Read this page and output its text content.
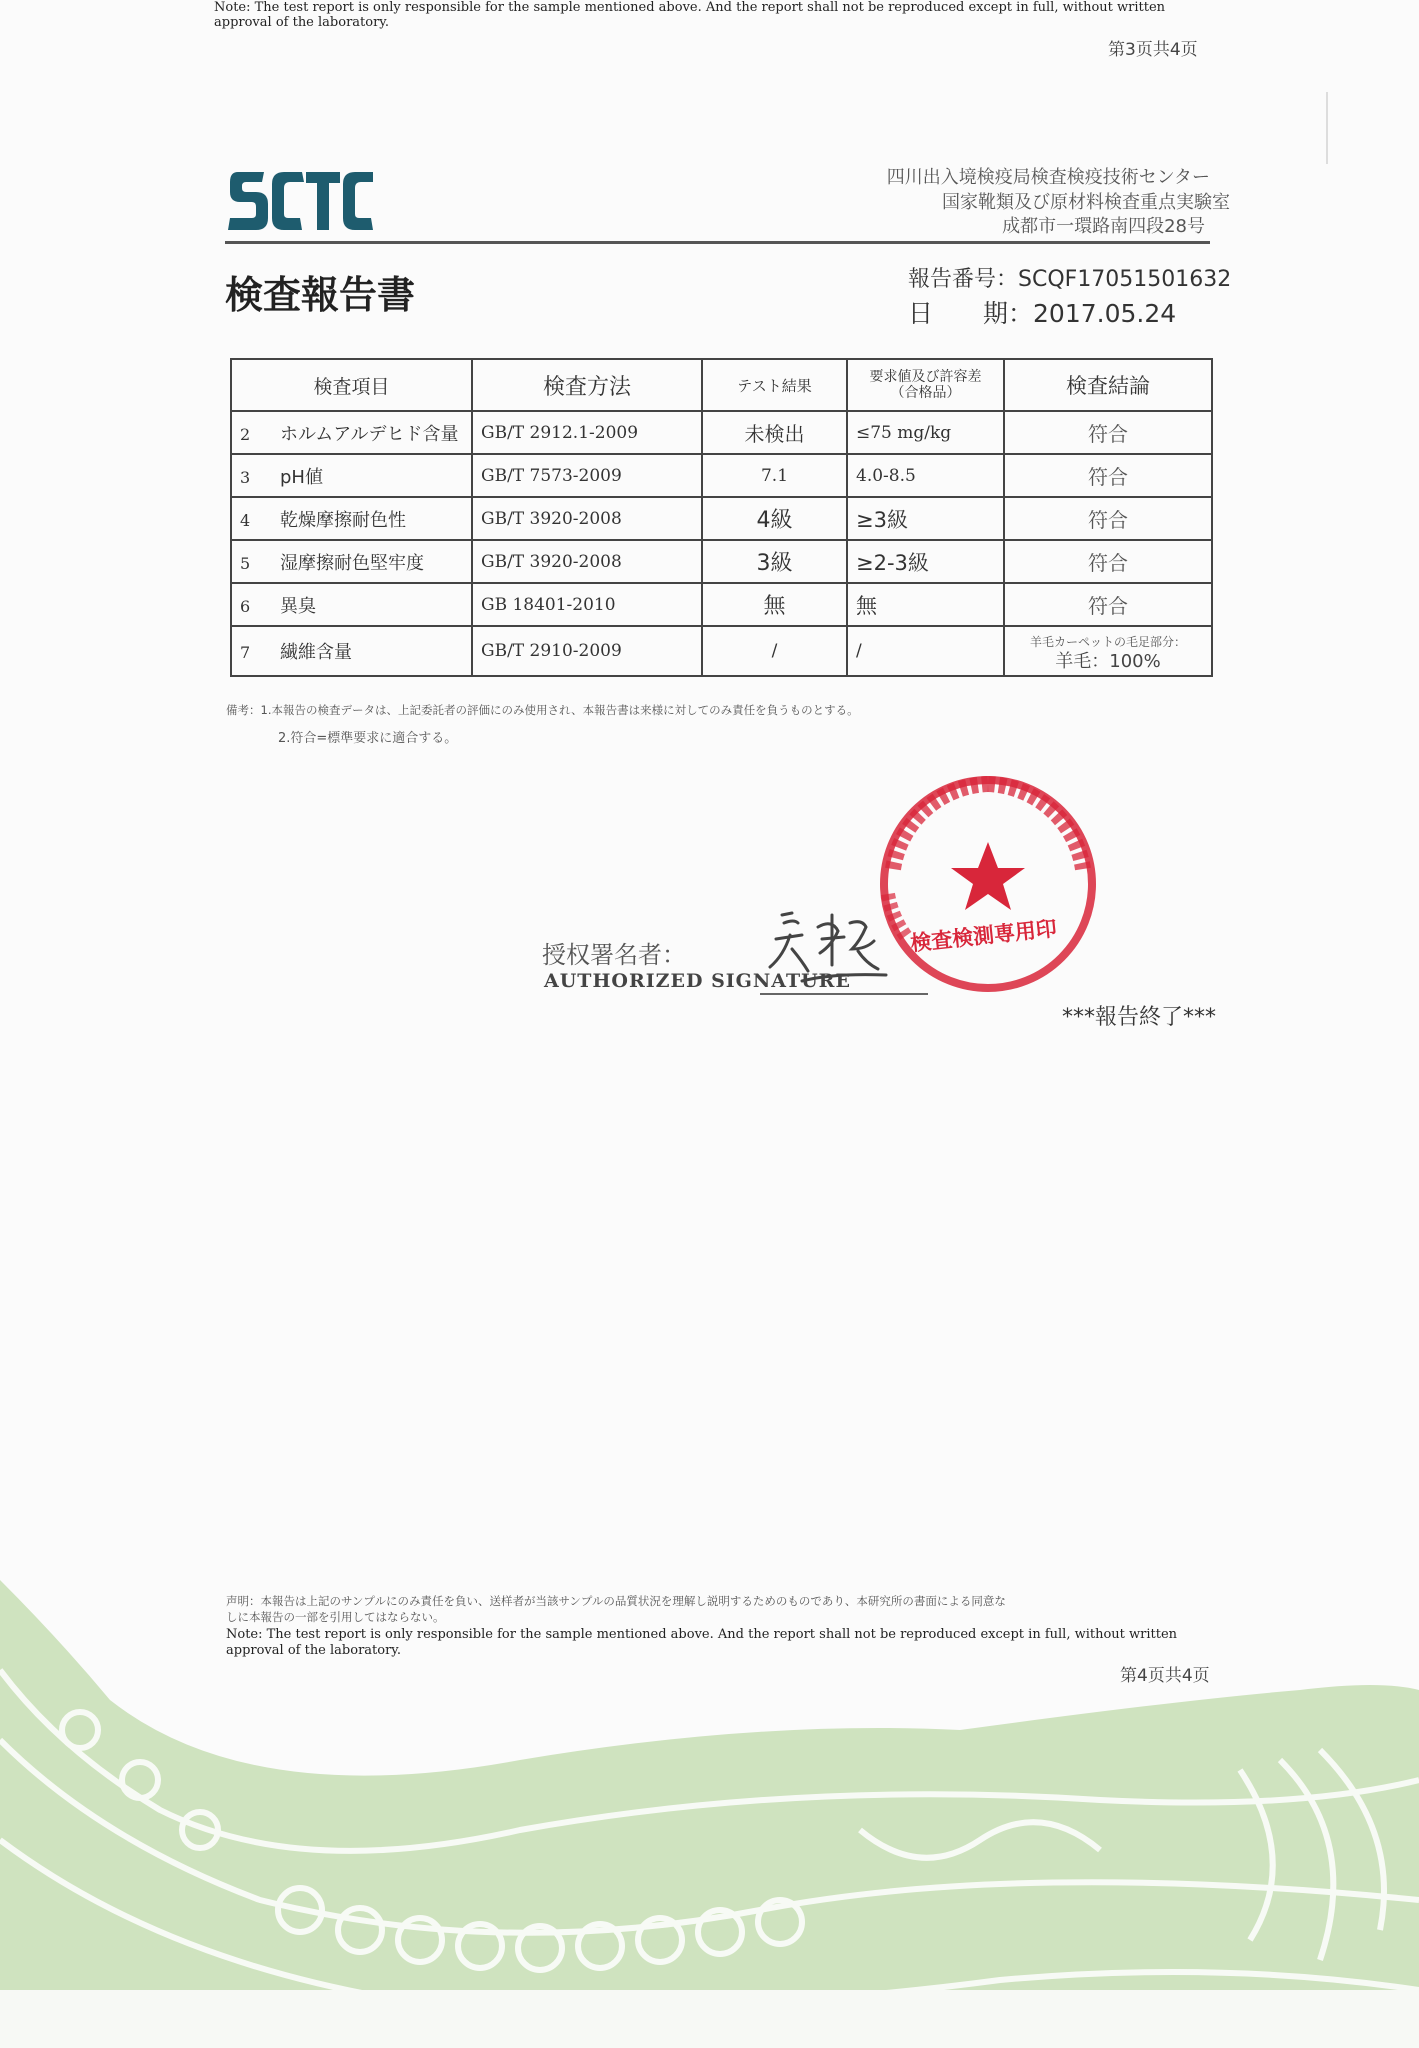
Note: The test report is only responsible for the sample mentioned above. And the report shall not be reproduced except in full, without written approval of the laboratory.
第3页共4页
四川出入境検疫局検査検疫技術センター
国家靴類及び原材料検査重点実験室
成都市一環路南四段28号
検査報告書	報告番号：SCQF17051501632
日　　期：2017.05.24
検査項目	検査方法	テスト結果	要求値及び許容差（合格品）	検査結論
2 ホルムアルデヒド含量	GB/T 2912.1-2009	未検出	≤75 mg/kg	符合
3 pH値	GB/T 7573-2009	7.1	4.0-8.5	符合
4 乾燥摩擦耐色性	GB/T 3920-2008	4級	≥3級	符合
5 湿摩擦耐色堅牢度	GB/T 3920-2008	3級	≥2-3級	符合
6 異臭	GB 18401-2010	無	無	符合
7 繊維含量	GB/T 2910-2009	/	/	羊毛カーペットの毛足部分：
羊毛：100%
備考：1.本報告の検査データは、上記委託者の評価にのみ使用され、本報告書は来様に対してのみ責任を負うものとする。
2.符合=標準要求に適合する。
検査検測専用印
授权署名者：
AUTHORIZED SIGNATURE
***報告終了***
声明：本報告は上記のサンプルにのみ責任を負い、送样者が当該サンプルの品質状況を理解し説明するためのものであり、本研究所の書面による同意な
しに本報告の一部を引用してはならない。
Note: The test report is only responsible for the sample mentioned above. And the report shall not be reproduced except in full, without written approval of the laboratory.
第4页共4页
